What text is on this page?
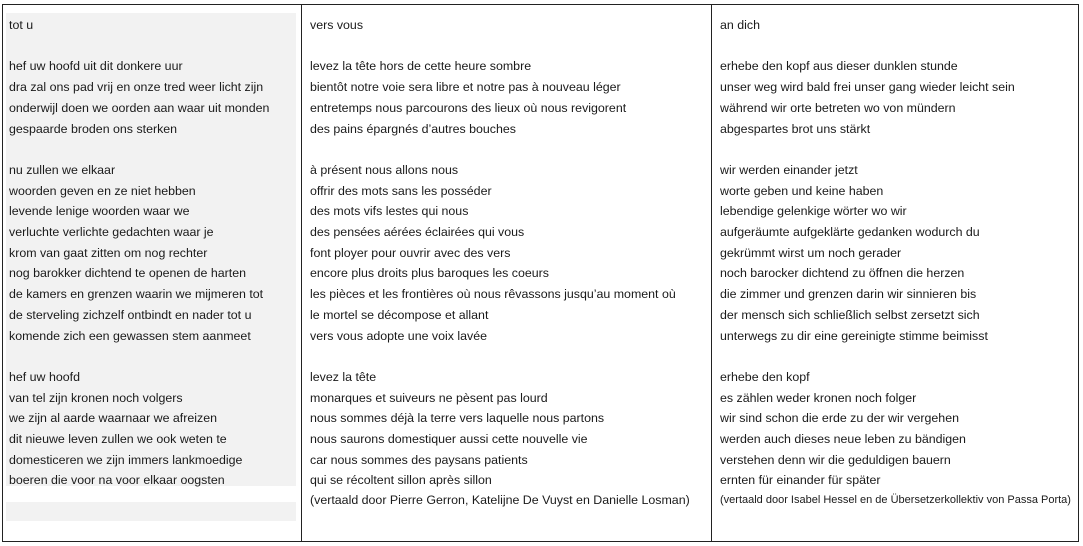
tot u
hef uw hoofd uit dit donkere uur
dra zal ons pad vrij en onze tred weer licht zijn
onderwijl doen we oorden aan waar uit monden
gespaarde broden ons sterken
nu zullen we elkaar
woorden geven en ze niet hebben
levende lenige woorden waar we
verluchte verlichte gedachten waar je
krom van gaat zitten om nog rechter
nog barokker dichtend te openen de harten
de kamers en grenzen waarin we mijmeren tot
de sterveling zichzelf ontbindt en nader tot u
komende zich een gewassen stem aanmeet
hef uw hoofd
van tel zijn kronen noch volgers
we zijn al aarde waarnaar we afreizen
dit nieuwe leven zullen we ook weten te
domesticeren we zijn immers lankmoedige
boeren die voor na voor elkaar oogsten
vers vous
levez la tête hors de cette heure sombre
bientôt notre voie sera libre et notre pas à nouveau léger
entretemps nous parcourons des lieux où nous revigorent
des pains épargnés d’autres bouches
à présent nous allons nous
offrir des mots sans les posséder
des mots vifs lestes qui nous
des pensées aérées éclairées qui vous
font ployer pour ouvrir avec des vers
encore plus droits plus baroques les coeurs
les pièces et les frontières où nous rêvassons jusqu’au moment où
le mortel se décompose et allant
vers vous adopte une voix lavée
levez la tête
monarques et suiveurs ne pèsent pas lourd
nous sommes déjà la terre vers laquelle nous partons
nous saurons domestiquer aussi cette nouvelle vie
car nous sommes des paysans patients
qui se récoltent sillon après sillon
(vertaald door Pierre Gerron, Katelijne De Vuyst en Danielle Losman)
an dich
erhebe den kopf aus dieser dunklen stunde
unser weg wird bald frei unser gang wieder leicht sein
während wir orte betreten wo von mündern
abgespartes brot uns stärkt
wir werden einander jetzt
worte geben und keine haben
lebendige gelenkige wörter wo wir
aufgeräumte aufgeklärte gedanken wodurch du
gekrümmt wirst um noch gerader
noch barocker dichtend zu öffnen die herzen
die zimmer und grenzen darin wir sinnieren bis
der mensch sich schließlich selbst zersetzt sich
unterwegs zu dir eine gereinigte stimme beimisst
erhebe den kopf
es zählen weder kronen noch folger
wir sind schon die erde zu der wir vergehen
werden auch dieses neue leben zu bändigen
verstehen denn wir die geduldigen bauern
ernten für einander für später
(vertaald door Isabel Hessel en de Übersetzerkollektiv von Passa Porta)
